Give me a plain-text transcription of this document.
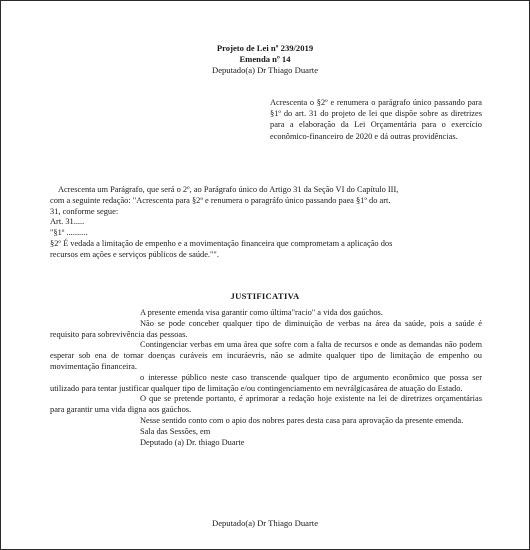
Projeto de Lei nº 239/2019
Emenda nº 14
Deputado(a) Dr Thiago Duarte
Acrescenta o §2º e renumera o parágrafo único passando para §1º do art. 31 do projeto de lei que dispõe sobre as diretrizes para a elaboração da Lei Orçamentária para o exercício econômico-financeiro de 2020 e dá outras providências.

Acrescenta um Parágrafo, que será o 2º, ao Parágrafo único do Artigo 31 da Seção VI do Capítulo III,

com a seguinte redação: "Acrescenta para §2º e renumera o paragráfo único passando paea §1º do art.

31, conforme segue:

Art. 31.....

"§1º ..........

§2º É vedada a limitação de empenho e a movimentação financeira que comprometam a aplicação dos

recursos em ações e serviços públicos de saúde."".

JUSTIFICATIVA

A presente emenda visa garantir como última"racio" a vida dos gaúchos.

Não se pode conceber qualquer tipo de diminuição de verbas na área da saúde, pois a saúde é requisito para sobrevivência das pessoas.

Contingenciar verbas em uma área que sofre com a falta de recursos e onde as demandas não podem esperar sob ena de tornar doenças curáveis em incuráevris, não se admite qualquer tipo de limitação de empenho ou movimentação financeira.

o interesse público neste caso transcende qualquer tipo de argumento econômico que possa ser utilizado para tentar justificar qualquer tipo de limitação e/ou contingenciamento em nevrálgicasárea de atuação do Estado.

O que se pretende portanto, é aprimorar a redação hoje existente na lei de diretrizes orçamentárias para garantir uma vida digna aos gaúchos.

Nesse sentido conto com o apio dos nobres pares desta casa para aprovação da presente emenda.

Sala das Sessões, em

Deputado (a) Dr. thiago Duarte

Deputado(a) Dr Thiago Duarte
